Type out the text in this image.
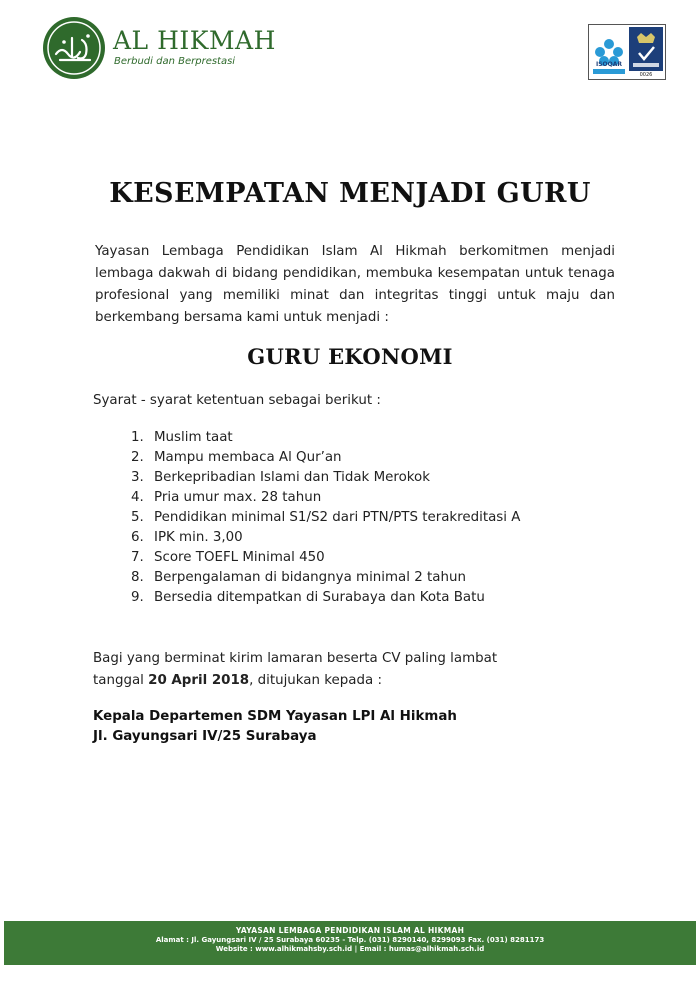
AL HIKMAH
Berbudi dan Berprestasi	ISOQAR
0026
KESEMPATAN MENJADI GURU
Yayasan Lembaga Pendidikan Islam Al Hikmah berkomitmen menjadi lembaga dakwah di bidang pendidikan, membuka kesempatan untuk tenaga profesional yang memiliki minat dan integritas tinggi untuk maju dan berkembang bersama kami untuk menjadi :
GURU EKONOMI
Syarat - syarat ketentuan sebagai berikut :
1. Muslim taat
2. Mampu membaca Al Qur’an
3. Berkepribadian Islami dan Tidak Merokok
4. Pria umur max. 28 tahun
5. Pendidikan minimal S1/S2 dari PTN/PTS terakreditasi A
6. IPK min. 3,00
7. Score TOEFL Minimal 450
8. Berpengalaman di bidangnya minimal 2 tahun
9. Bersedia ditempatkan di Surabaya dan Kota Batu
Bagi yang berminat kirim lamaran beserta CV paling lambat
tanggal 20 April 2018, ditujukan kepada :
Kepala Departemen SDM Yayasan LPI Al Hikmah
Jl. Gayungsari IV/25 Surabaya
YAYASAN LEMBAGA PENDIDIKAN ISLAM AL HIKMAH
Alamat : Jl. Gayungsari IV / 25 Surabaya 60235 - Telp. (031) 8290140, 8299093 Fax. (031) 8281173
Website : www.alhikmahsby.sch.id | Email : humas@alhikmah.sch.id
